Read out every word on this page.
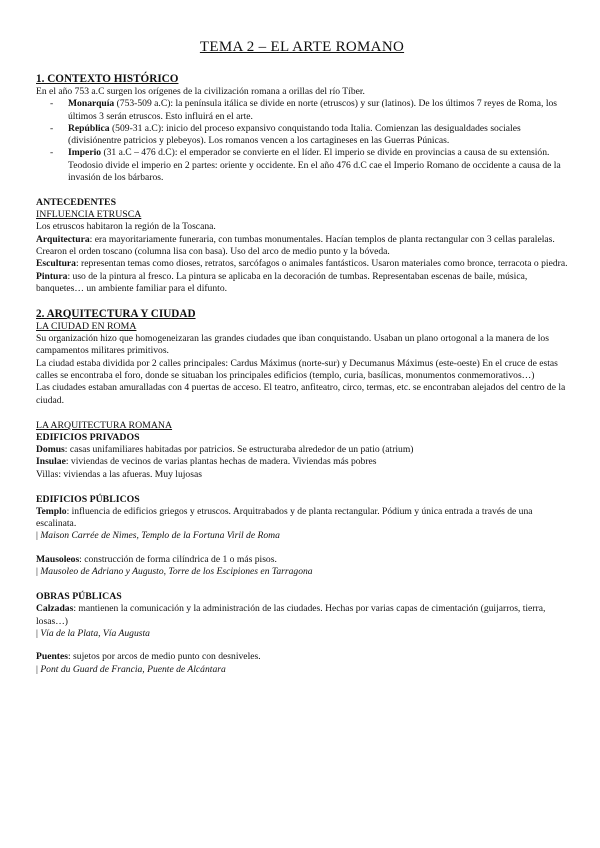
TEMA 2 – EL ARTE ROMANO
1. CONTEXTO HISTÓRICO

En el año 753 a.C surgen los orígenes de la civilización romana a orillas del río Tíber.

- Monarquía (753-509 a.C): la península itálica se divide en norte (etruscos) y sur (latinos). De los últimos 7 reyes de Roma, los últimos 3 serán etruscos. Esto influirá en el arte.
- República (509-31 a.C): inicio del proceso expansivo conquistando toda Italia. Comienzan las desigualdades sociales (divisiónentre patricios y plebeyos). Los romanos vencen a los cartagineses en las Guerras Púnicas.
- Imperio (31 a.C – 476 d.C): el emperador se convierte en el líder. El imperio se divide en provincias a causa de su extensión. Teodosio divide el imperio en 2 partes: oriente y occidente. En el año 476 d.C cae el Imperio Romano de occidente a causa de la invasión de los bárbaros.
ANTECEDENTES
INFLUENCIA ETRUSCA

Los etruscos habitaron la región de la Toscana.

Arquitectura: era mayoritariamente funeraria, con tumbas monumentales. Hacían templos de planta rectangular con 3 cellas paralelas. Crearon el orden toscano (columna lisa con basa). Uso del arco de medio punto y la bóveda.

Escultura: representan temas como dioses, retratos, sarcófagos o animales fantásticos. Usaron materiales como bronce, terracota o piedra.

Pintura: uso de la pintura al fresco. La pintura se aplicaba en la decoración de tumbas. Representaban escenas de baile, música, banquetes… un ambiente familiar para el difunto.

2. ARQUITECTURA Y CIUDAD
LA CIUDAD EN ROMA

Su organización hizo que homogeneizaran las grandes ciudades que iban conquistando. Usaban un plano ortogonal a la manera de los campamentos militares primitivos.

La ciudad estaba dividida por 2 calles principales: Cardus Máximus (norte-sur) y Decumanus Máximus (este-oeste) En el cruce de estas calles se encontraba el foro, donde se situaban los principales edificios (templo, curia, basílicas, monumentos conmemorativos…)

Las ciudades estaban amuralladas con 4 puertas de acceso. El teatro, anfiteatro, circo, termas, etc. se encontraban alejados del centro de la ciudad.

LA ARQUITECTURA ROMANA
EDIFICIOS PRIVADOS

Domus: casas unifamiliares habitadas por patricios. Se estructuraba alrededor de un patio (atrium)

Insulae: viviendas de vecinos de varias plantas hechas de madera. Viviendas más pobres

Villas: viviendas a las afueras. Muy lujosas

EDIFICIOS PÚBLICOS

Templo: influencia de edificios griegos y etruscos. Arquitrabados y de planta rectangular. Pódium y única entrada a través de una escalinata.

| Maison Carrée de Nimes, Templo de la Fortuna Viril de Roma

Mausoleos: construcción de forma cilíndrica de 1 o más pisos.

| Mausoleo de Adriano y Augusto, Torre de los Escipiones en Tarragona

OBRAS PÚBLICAS

Calzadas: mantienen la comunicación y la administración de las ciudades. Hechas por varias capas de cimentación (guijarros, tierra, losas…)

| Vía de la Plata, Vía Augusta

Puentes: sujetos por arcos de medio punto con desniveles.

| Pont du Guard de Francia, Puente de Alcántara
